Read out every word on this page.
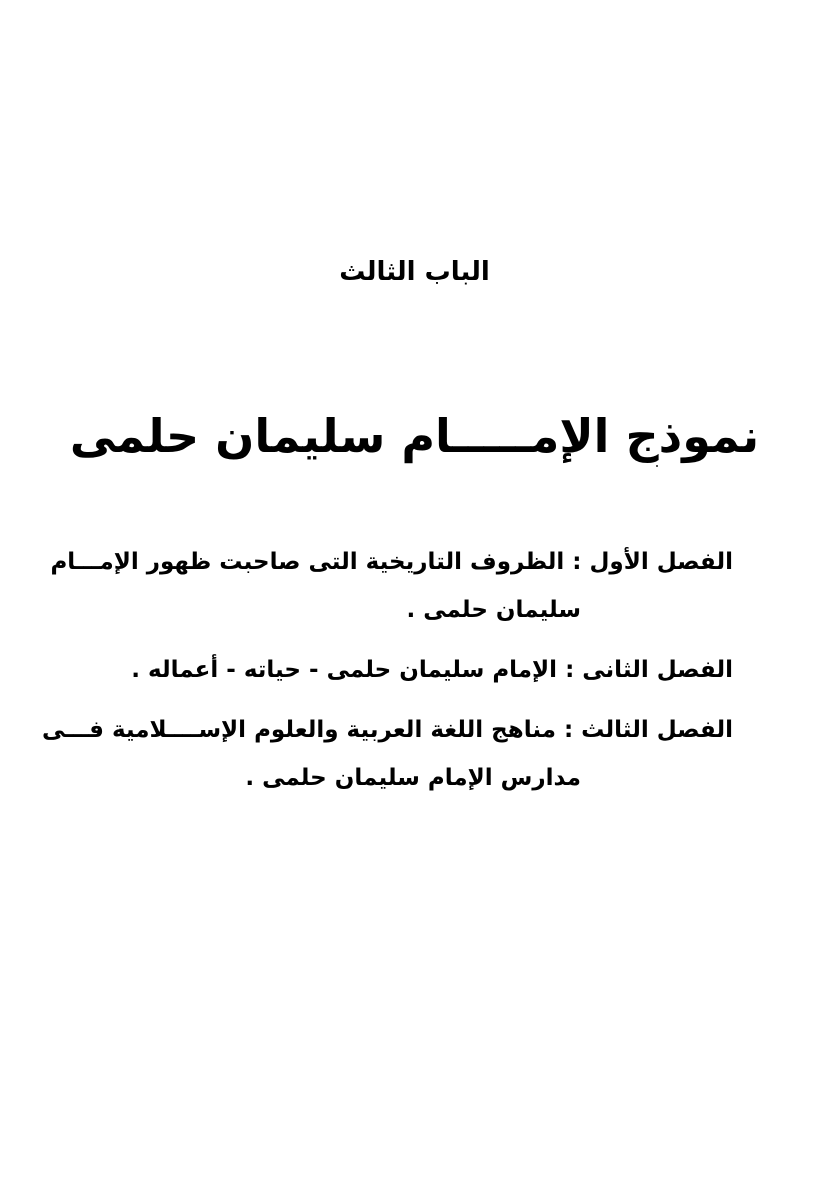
الباب الثالث
نموذج الإمـــــام سليمان حلمى
الفصل الأول : الظروف التاريخية التى صاحبت ظهور الإمـــام
سليمان حلمى .
الفصل الثانى : الإمام سليمان حلمى - حياته - أعماله .
الفصل الثالث : مناهج اللغة العربية والعلوم الإســــلامية فـــى
مدارس الإمام سليمان حلمى .
